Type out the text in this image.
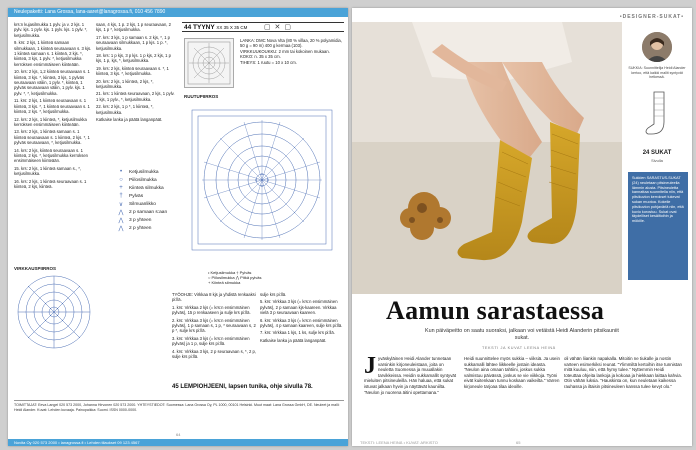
Neulepaketti: Lana Grossa, lana-aaret@lanagrossa.fi, 010 456 7890

krs:n kujasilmukka 1 pylv. ja v. 2 kjs. 1 pylv. kjs. 1 pylv. kjs. 1 pylv. kjs. 1 pylv. *, ketjusilmukka.

9. krs: 2 kjs, 1 kiinteä samaan silmukkaan, 1 kiinteä seuraavaan s. 3 kjs. 1 kiinteä samaan s. 1 kiinteä, 2 kjs. *, kiinteä, 3 kjs, 1 pylv. *, ketjusilmukka kerroksen ensimmäiseen kiinteään.

10. krs: 2 kjs, 1,2 kiinteä seuraavaan s. 1 kiinteä, 3 kjs. *, kiinteä, 3 kjs, 1 pylväs seuraavaan väliin, 1 pylv. *, kiinteä, 1 pylväs seuraavaan väliin, 1 pylv. kjs. 1 pylv. *, *, ketjusilmukka.

11. krs: 2 kjs, 1 kiinteä seuraavaan s. 1 kiinteä, 3 kjs. *, 1 kiinteä seuraavaan s. 1 kiinteä, 2 kjs. *, ketjusilmukka.

12. krs: 2 kjs, 1 kiinteä, *, ketjusilmukka kerroksen ensimmäiseen kiinteään.

13. krs: 2 kjs, 1 kiinteä samaan s. 1 kiinteä seuraavaan s. 1 kiinteä, 2 kjs. *, 1 pylväs seuraavaan, *, ketjusilmukka.

14. krs: 2 kjs, kiinteä seuraavaan s. 1 kiinteä, 2 kjs. *, ketjusilmukka kerroksen ensimmäiseen kiinteään.

15. krs: 2 kjs, 1 kiinteä samaan s., *, ketjusilmukka.

16. krs: 2 kjs, 1 kiinteä seuraavaan s. 1 kiinteä, 2 kjs, kiinteä.

saan, 4 kjs, 1 p. 2 kjs, 1 p seuraavaan, 2 kjs, 1 p *, ketjusilmukka.

17. krs: 3 kjs, 1 p samaan s. 2 kjs, *, 1 p seuraavaan silmukkaan, 1 p kjs. 1 p. *, ketjusilmukka.

18. krs: 1 p kjs, 3 p kjs. 1 p kjs, 2 kjs, 1 p kjs, 1 p, kjs, *, ketjusilmukka.

19. krs: 2 kjs, kiinteä seuraavaan s. *, 1 kiinteä, 3 kjs. *, ketjusilmukka.

20. krs: 2 kjs, 1 kiinteä, 2 kjs, *, ketjusilmukka.

21. krs: 1 kiinteä seuraavaan, 2 kjs, 1 pylv. 1 kjs, 1 pylv., *, ketjusilmukka.

22. krs: 2 kjs, 1 p *, 1 kiinteä, *, ketjusilmukka.

Katkaise lanka ja päätä langanpäät.

44 TYYNY XX 35 X 35 CM ▢ ✕ ▢

LANKA: DMC Nova Vita (80 % villaa, 20 % polyamidia, 50 g = 90 m) 400 g kermaa (103).

VIRKKUUKOUKKU: 2 mm tai kokoinen mukaan.

KOKO: n. 35 x 35 cm.

TIHEYS: 1 ruutu = 10 x 10 cm.

RUUTUPIIRROS
•	Ketjusilmukka
○	Piilosilmukka
+	Kiinteä silmukka
†	Pylväs
∨	Silmuanlikko
⋀	2 p samaan s:aan
⋀	3 p yhteen
⋀	2 p yhteen
• Ketjusilmukka † Pylväs
○ Piilosilmukka ⋀ Pitkä pylväs
+ Kiinteä silmukka
VIRKKAUSPIIRROS

TYÖOHJE: Virkkaa 8 kjs ja yhdistä renkaaksi pi:llä.

1. krs: Virkkaa 2 kjs (= krs:n ensimmäinen pylväs), 15 p renkaaseen ja sulje krs pi:llä.

2. krs: Virkkaa 3 kjs (= krs:n ensimmäinen pylväs), 1 p samaan s, 1 p, * seuraavaan s, 2 p *, sulje krs pi:llä.

3. krs: Virkkaa 3 kjs (= krs:n ensimmäinen pylväs) ja 1 p, sulje krs pi:llä.

4. krs: Virkkaa 3 kjs, 2 p seuraavaan s, *, 2 p, sulje krs pi:llä.

sulje krs pi:llä.

5. krs: Virkkaa 3 kjs (= krs:n ensimmäinen pylväs), 2 p samaan kjs-kaareen. Virkkaa vielä 3 p seuraavaan kaareen.

6. krs: Virkkaa 3 kjs (= krs:n ensimmäinen pylväs), 4 p samaan kaareen, sulje krs pi:llä.

7. krs: Virkkaa 1 kjs, 1 ks, sulje krs pi:llä.

Katkaise lanka ja päätä langanpäät.

45 LEMPIOHJEENI, lapsen tunika, ohje sivulla 78.
TOIMITTAJAT: Eeva Langel 020 573 2000, Johanna Hirvonen 020 573 2000. YHTEYSTIEDOT: Suomessa: Lana Grossa Oy, PL 1000, 00101 Helsinki. Muut maat: Lana Grossa GmbH, DE. Neuleet ja malli: Heidi Alander. Kuvat: Lehden kuvaaja. Painopaikka: Suomi. ISSN 0000-0000.
64
Novita Oy 020 573 2000 • lanagrossa.fi • Lehden tilaukset 09 123 4567
•DESIGNER-SUKAT•
SUKKIA: Suunnittelija Heidi Alander kertoo, että kaikki mallit syntyvät hetkessä.
24 SUKAT
Sivulla
Sukkien SARASTUS-SUKAT (24) neuletaan pitsineuleella lämmin alusta. Pitsineuletta kannattaa suunnitella niin, että pitsikuvion kerrokset tukevat sukan muotoa. Kokeile pitsikuvion pohjaväriä niin, että kuvio korostuu. Sukat ovat täydelliset kesäiltoihin ja mökille.
Aamun sarastaessa
Kun päiväpeitto on saatu suoraksi, jalkaan voi vetäistä Heidi Alanderin pitsikauniit sukat.
TEKSTI JA KUVAT LEENA HEINÄ
Jyväskyläinen Heidi Alander tunnetaan varsinkin kirjoneuleistaan, joita on neuletta Suomessa ja muuallakin tarvikkeissa. Heidin sukkamallit syntyvät mieluiten pitsineuleilla. Hän haluaa, että sukat istuvat jalkaan hyvin ja näyttävät kauniilta. "Neulon jo nuorena äitini opettamana."
Heidi suunnittelee myös sukkia – viiksiä. Ja usein sukkamalli lähtee liikkeelle jostain ideasta. "Neulon aina omaan tahtiini, joskus sukka valmistuu päivässä, joskus se vie viikkoja. Työni eivät kuitenkaan tunnu koskaan vaikeilta." Varren kirjoneule tarjoaa tilaa ideoille.
oli vähän liiankin napakalla. Mitoitin ne tiukalle ja nostin varteen esimerkiksi reunat. "Ylimmiltä kertoihin itse tunnistan mitä kuuluu, niin, että hymy tulee." Nyttemmin Heidi toteuttaa ohjeita lankoja ja kokoaa ja hiekkaan laittaa kahvia. Otin vähän luksia. "Hauskinta on, kun neuletaan kaikessa rauhassa ja iltaisin pitsineuleen kanssa tulee kevyt olo."
TEKSTI: LEENA HEINÄ • KUVAT: ARKISTO	65
